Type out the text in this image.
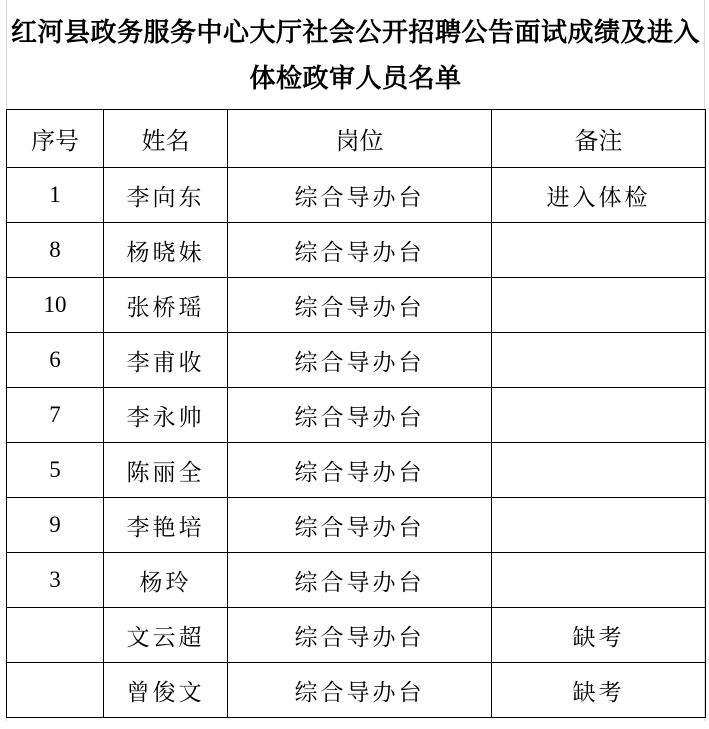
红河县政务服务中心大厅社会公开招聘公告面试成绩及进入
体检政审人员名单
序号	姓名	岗位	备注
1	李向东	综合导办台	进入体检
8	杨晓妹	综合导办台	
10	张桥瑶	综合导办台	
6	李甫收	综合导办台	
7	李永帅	综合导办台	
5	陈丽全	综合导办台	
9	李艳培	综合导办台	
3	杨玲	综合导办台	
	文云超	综合导办台	缺考
	曾俊文	综合导办台	缺考
